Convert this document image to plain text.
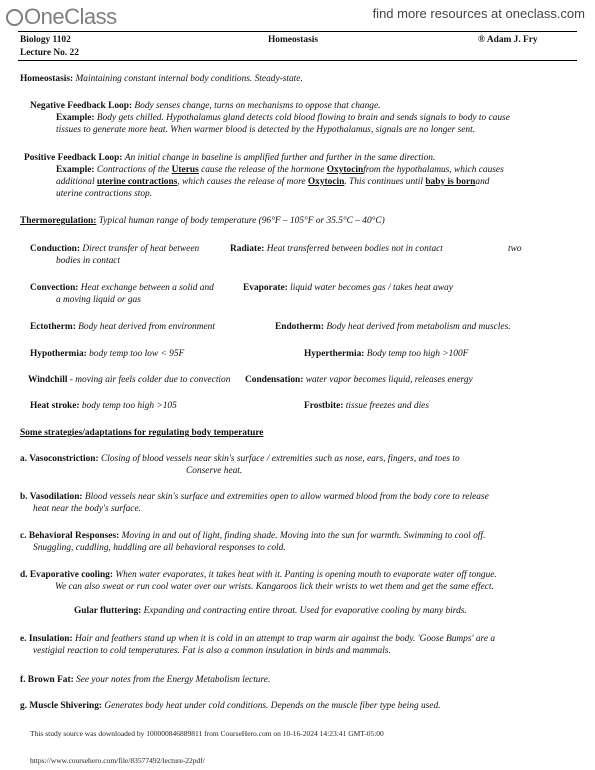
OneClass	find more resources at oneclass.com
Biology 1102	Homeostasis	® Adam J. Fry
Lecture No. 22
Homeostasis: Maintaining constant internal body conditions. Steady-state.
Negative Feedback Loop: Body senses change, turns on mechanisms to oppose that change.
Example: Body gets chilled. Hypothalamus gland detects cold blood flowing to brain and sends signals to body to cause
tissues to generate more heat. When warmer blood is detected by the Hypothalamus, signals are no longer sent.
Positive Feedback Loop: An initial change in baseline is amplified further and further in the same direction.
Example: Contractions of the Uterus cause the release of the hormone Oxytocinfrom the hypothalamus, which causes
additional uterine contractions, which causes the release of more Oxytocin. This continues until baby is bornand
uterine contractions stop.
Thermoregulation: Typical human range of body temperature (96°F – 105°F or 35.5°C – 40°C)
Conduction: Direct transfer of heat between	Radiate: Heat transferred between bodies not in contact	two
bodies in contact
Convection: Heat exchange between a solid and	Evaporate: liquid water becomes gas / takes heat away
a moving liquid or gas
Ectotherm: Body heat derived from environment	Endotherm: Body heat derived from metabolism and muscles.
Hypothermia: body temp too low < 95F	Hyperthermia: Body temp too high >100F
Windchill - moving air feels colder due to convection Condensation: water vapor becomes liquid, releases energy
Heat stroke: body temp too high >105	Frostbite: tissue freezes and dies
Some strategies/adaptations for regulating body temperature
a. Vasoconstriction: Closing of blood vessels near skin's surface / extremities such as nose, ears, fingers, and toes to
Conserve heat.
b. Vasodilation: Blood vessels near skin's surface and extremities open to allow warmed blood from the body core to release
heat near the body's surface.
c. Behavioral Responses: Moving in and out of light, finding shade. Moving into the sun for warmth. Swimming to cool off.
Snuggling, cuddling, huddling are all behavioral responses to cold.
d. Evaporative cooling: When water evaporates, it takes heat with it. Panting is opening mouth to evaporate water off tongue.
We can also sweat or run cool water over our wrists. Kangaroos lick their wrists to wet them and get the same effect.
Gular fluttering: Expanding and contracting entire throat. Used for evaporative cooling by many birds.
e. Insulation: Hair and feathers stand up when it is cold in an attempt to trap warm air against the body. 'Goose Bumps' are a
vestigial reaction to cold temperatures. Fat is also a common insulation in birds and mammals.
f. Brown Fat: See your notes from the Energy Metabolism lecture.
g. Muscle Shivering: Generates body heat under cold conditions. Depends on the muscle fiber type being used.
This study source was downloaded by 100000846889811 from CourseHero.com on 10-16-2024 14:23:41 GMT-05:00
https://www.coursehero.com/file/83577492/lecture-22pdf/
